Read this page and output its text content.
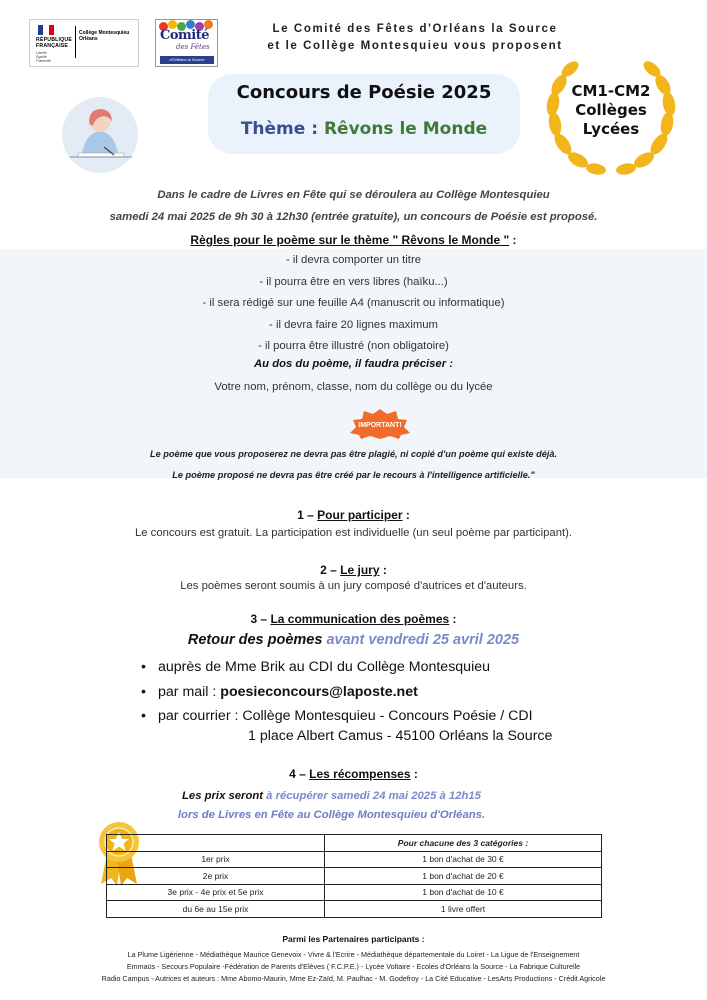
RÉPUBLIQUE
FRANÇAISE
Liberté
Égalité
Fraternité
Collège Montesquieu
Orléans	Comité
des Fêtes
d'Orléans la Source
Le Comité des Fêtes d'Orléans la Source
et le Collège Montesquieu vous proposent
Concours de Poésie 2025
Thème : Rêvons le Monde
CM1-CM2
Collèges
Lycées
Dans le cadre de Livres en Fête qui se déroulera au Collège Montesquieu
samedi 24 mai 2025 de 9h 30 à 12h30 (entrée gratuite), un concours de Poésie est proposé.
Règles pour le poème sur le thème " Rêvons le Monde " :
- il devra comporter un titre
- il pourra être en vers libres (haïku...)
- il sera rédigé sur une feuille A4 (manuscrit ou informatique)
- il devra faire 20 lignes maximum
- il pourra être illustré (non obligatoire)
Au dos du poème, il faudra préciser :
Votre nom, prénom, classe, nom du collège ou du lycée
IMPORTANT!
Le poème que vous proposerez ne devra pas être plagié, ni copié d'un poème qui existe déjà.
Le poème proposé ne devra pas être créé par le recours à l'intelligence artificielle."
1 – Pour participer :
Le concours est gratuit. La participation est individuelle (un seul poème par participant).
2 – Le jury :
Les poèmes seront soumis à un jury composé d'autrices et d'auteurs.
3 – La communication des poèmes :
Retour des poèmes avant vendredi 25 avril 2025
• auprès de Mme Brik au CDI du Collège Montesquieu
• par mail : poesieconcours@laposte.net
• par courrier : Collège Montesquieu - Concours Poésie / CDI
1 place Albert Camus - 45100 Orléans la Source
4 – Les récompenses :
Les prix seront à récupérer samedi 24 mai 2025 à 12h15
lors de Livres en Fête au Collège Montesquieu d'Orléans.
	Pour chacune des 3 catégories :
1er prix	1 bon d'achat de 30 €
2e prix	1 bon d'achat de 20 €
3e prix - 4e prix et 5e prix	1 bon d'achat de 10 €
du 6e au 15e prix	1 livre offert
Parmi les Partenaires participants :
La Plume Ligérienne - Médiathèque Maurice Genevoix - Vivre & l'Ecrire - Médiathèque départementale du Loiret - La Ligue de l'Enseignement
Emmaüs - Secours Populaire -Fédération de Parents d'Elèves ( F.C.P.E.) - Lycée Voltaire - Ecoles d'Orléans la Source - La Fabrique Culturelle
Radio Campus - Autrices et auteurs : Mme Abomo-Maurin, Mme Ez-Zaïd, M. Paulhac - M. Godefroy - La Cité Educative - LesArts Productions - Crédit Agricole
